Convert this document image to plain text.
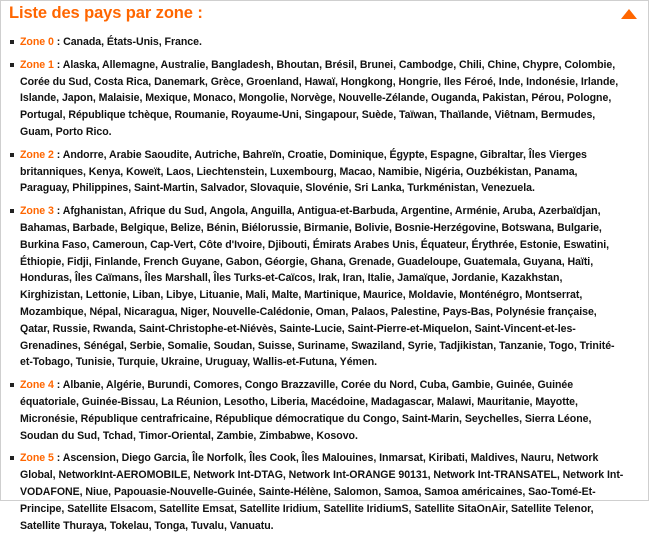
Liste des pays par zone :
Zone 0 : Canada, États-Unis, France.
Zone 1 : Alaska, Allemagne, Australie, Bangladesh, Bhoutan, Brésil, Brunei, Cambodge, Chili, Chine, Chypre, Colombie, Corée du Sud, Costa Rica, Danemark, Grèce, Groenland, Hawaï, Hongkong, Hongrie, Iles Féroé, Inde, Indonésie, Irlande, Islande, Japon, Malaisie, Mexique, Monaco, Mongolie, Norvège, Nouvelle-Zélande, Ouganda, Pakistan, Pérou, Pologne, Portugal, République tchèque, Roumanie, Royaume-Uni, Singapour, Suède, Taïwan, Thaïlande, Viêtnam, Bermudes, Guam, Porto Rico.
Zone 2 : Andorre, Arabie Saoudite, Autriche, Bahreïn, Croatie, Dominique, Égypte, Espagne, Gibraltar, Îles Vierges britanniques, Kenya, Koweït, Laos, Liechtenstein, Luxembourg, Macao, Namibie, Nigéria, Ouzbékistan, Panama, Paraguay, Philippines, Saint-Martin, Salvador, Slovaquie, Slovénie, Sri Lanka, Turkménistan, Venezuela.
Zone 3 : Afghanistan, Afrique du Sud, Angola, Anguilla, Antigua-et-Barbuda, Argentine, Arménie, Aruba, Azerbaïdjan, Bahamas, Barbade, Belgique, Belize, Bénin, Biélorussie, Birmanie, Bolivie, Bosnie-Herzégovine, Botswana, Bulgarie, Burkina Faso, Cameroun, Cap-Vert, Côte d'Ivoire, Djibouti, Émirats Arabes Unis, Équateur, Érythrée, Estonie, Eswatini, Éthiopie, Fidji, Finlande, French Guyane, Gabon, Géorgie, Ghana, Grenade, Guadeloupe, Guatemala, Guyana, Haïti, Honduras, Îles Caïmans, Îles Marshall, Îles Turks-et-Caïcos, Irak, Iran, Italie, Jamaïque, Jordanie, Kazakhstan, Kirghizistan, Lettonie, Liban, Libye, Lituanie, Mali, Malte, Martinique, Maurice, Moldavie, Monténégro, Montserrat, Mozambique, Népal, Nicaragua, Niger, Nouvelle-Calédonie, Oman, Palaos, Palestine, Pays-Bas, Polynésie française, Qatar, Russie, Rwanda, Saint-Christophe-et-Niévès, Sainte-Lucie, Saint-Pierre-et-Miquelon, Saint-Vincent-et-les-Grenadines, Sénégal, Serbie, Somalie, Soudan, Suisse, Suriname, Swaziland, Syrie, Tadjikistan, Tanzanie, Togo, Trinité-et-Tobago, Tunisie, Turquie, Ukraine, Uruguay, Wallis-et-Futuna, Yémen.
Zone 4 : Albanie, Algérie, Burundi, Comores, Congo Brazzaville, Corée du Nord, Cuba, Gambie, Guinée, Guinée équatoriale, Guinée-Bissau, La Réunion, Lesotho, Liberia, Macédoine, Madagascar, Malawi, Mauritanie, Mayotte, Micronésie, République centrafricaine, République démocratique du Congo, Saint-Marin, Seychelles, Sierra Léone, Soudan du Sud, Tchad, Timor-Oriental, Zambie, Zimbabwe, Kosovo.
Zone 5 : Ascension, Diego Garcia, Île Norfolk, Îles Cook, Îles Malouines, Inmarsat, Kiribati, Maldives, Nauru, Network Global, NetworkInt-AEROMOBILE, Network Int-DTAG, Network Int-ORANGE 90131, Network Int-TRANSATEL, Network Int-VODAFONE, Niue, Papouasie-Nouvelle-Guinée, Sainte-Hélène, Salomon, Samoa, Samoa américaines, Sao-Tomé-Et-Principe, Satellite Elsacom, Satellite Emsat, Satellite Iridium, Satellite IridiumS, Satellite SitaOnAir, Satellite Telenor, Satellite Thuraya, Tokelau, Tonga, Tuvalu, Vanuatu.
